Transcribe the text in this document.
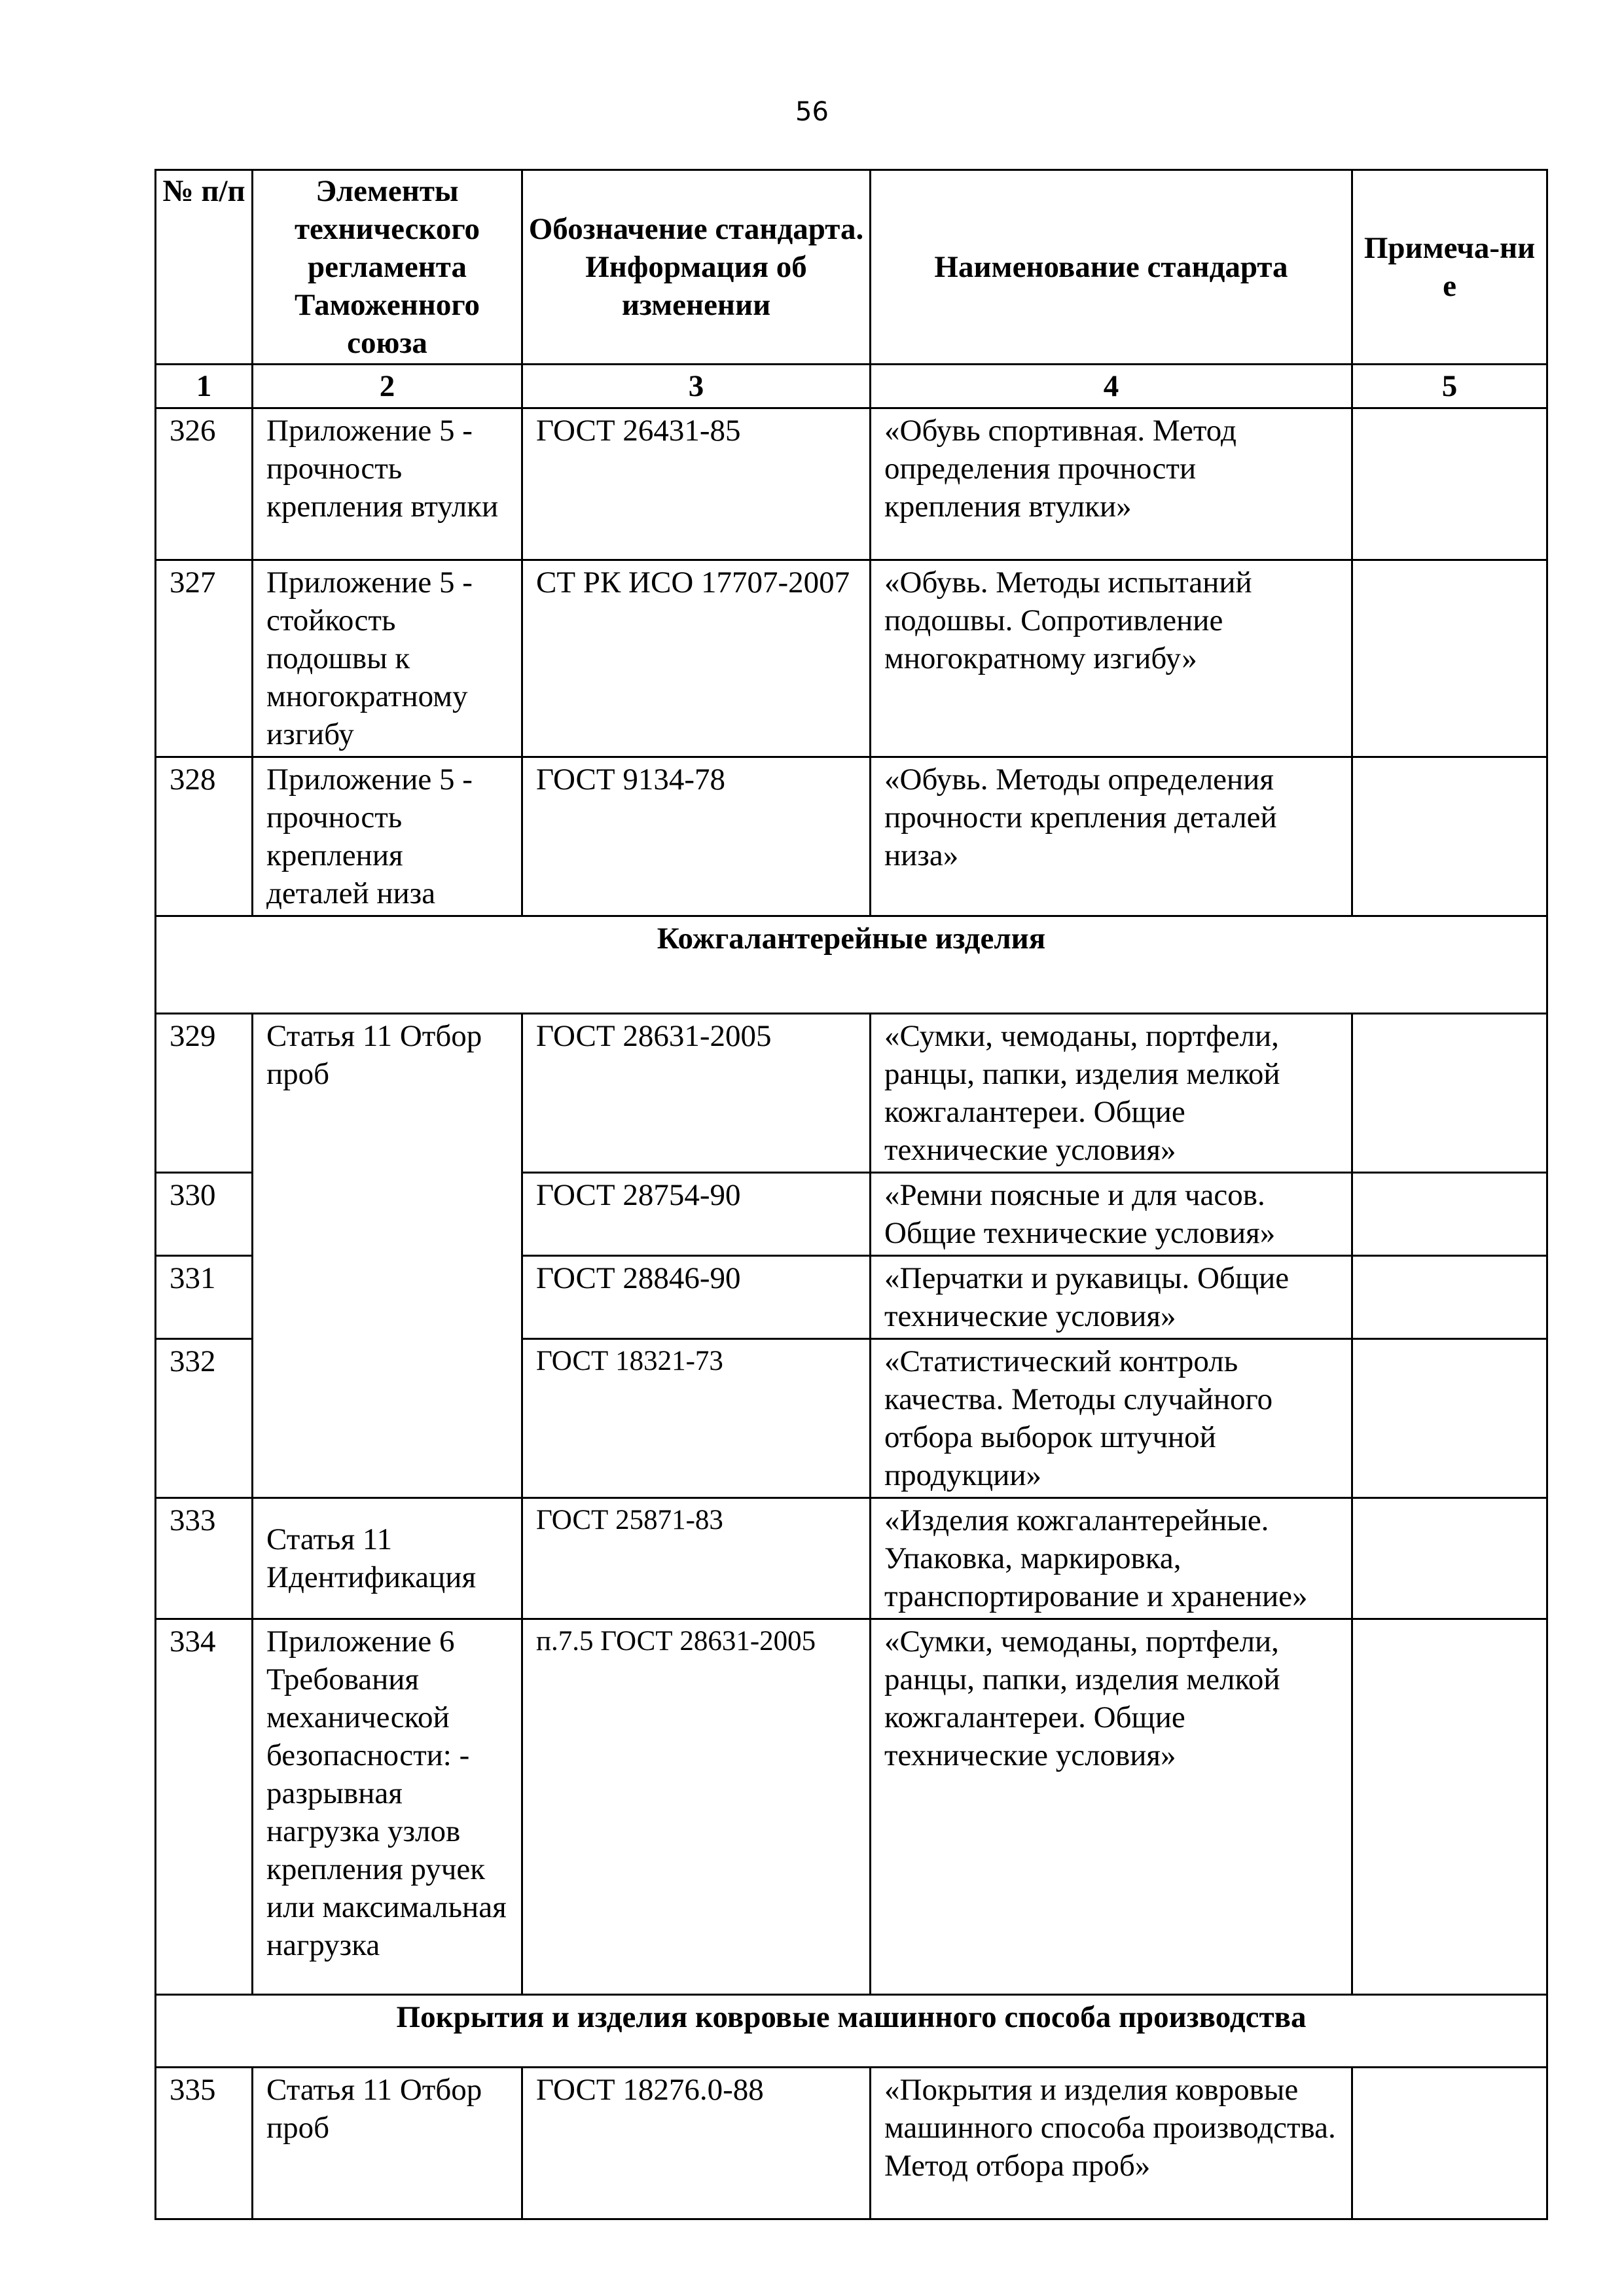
56
№ п/п	Элементы технического регламента Таможенного союза	Обозначение стандарта. Информация об изменении	Наименование стандарта	Примеча-ние
1	2	3	4	5
326	Приложение 5 - прочность крепления втулки	ГОСТ 26431-85	«Обувь спортивная. Метод определения прочности крепления втулки»	
327	Приложение 5 - стойкость подошвы к многократному изгибу	СТ РК ИСО 17707-2007	«Обувь. Методы испытаний подошвы. Сопротивление многократному изгибу»	
328	Приложение 5 - прочность крепления деталей низа	ГОСТ 9134-78	«Обувь. Методы определения прочности крепления деталей низа»	
Кожгалантерейные изделия				
329	Статья 11 Отбор проб	ГОСТ 28631-2005	«Сумки, чемоданы, портфели, ранцы, папки, изделия мелкой кожгалантереи. Общие технические условия»	
330		ГОСТ 28754-90	«Ремни поясные и для часов. Общие технические условия»	
331		ГОСТ 28846-90	«Перчатки и рукавицы. Общие технические условия»	
332		ГОСТ 18321-73	«Статистический контроль качества. Методы случайного отбора выборок штучной продукции»	
333	Статья 11 Идентификация	ГОСТ 25871-83	«Изделия кожгалантерейные. Упаковка, маркировка, транспортирование и хранение»	
334	Приложение 6 Требования механической безопасности: - разрывная нагрузка узлов крепления ручек или максимальная нагрузка	п.7.5 ГОСТ 28631-2005	«Сумки, чемоданы, портфели, ранцы, папки, изделия мелкой кожгалантереи. Общие технические условия»	
Покрытия и изделия ковровые машинного способа производства				
335	Статья 11 Отбор проб	ГОСТ 18276.0-88	«Покрытия и изделия ковровые машинного способа производства. Метод отбора проб»	
